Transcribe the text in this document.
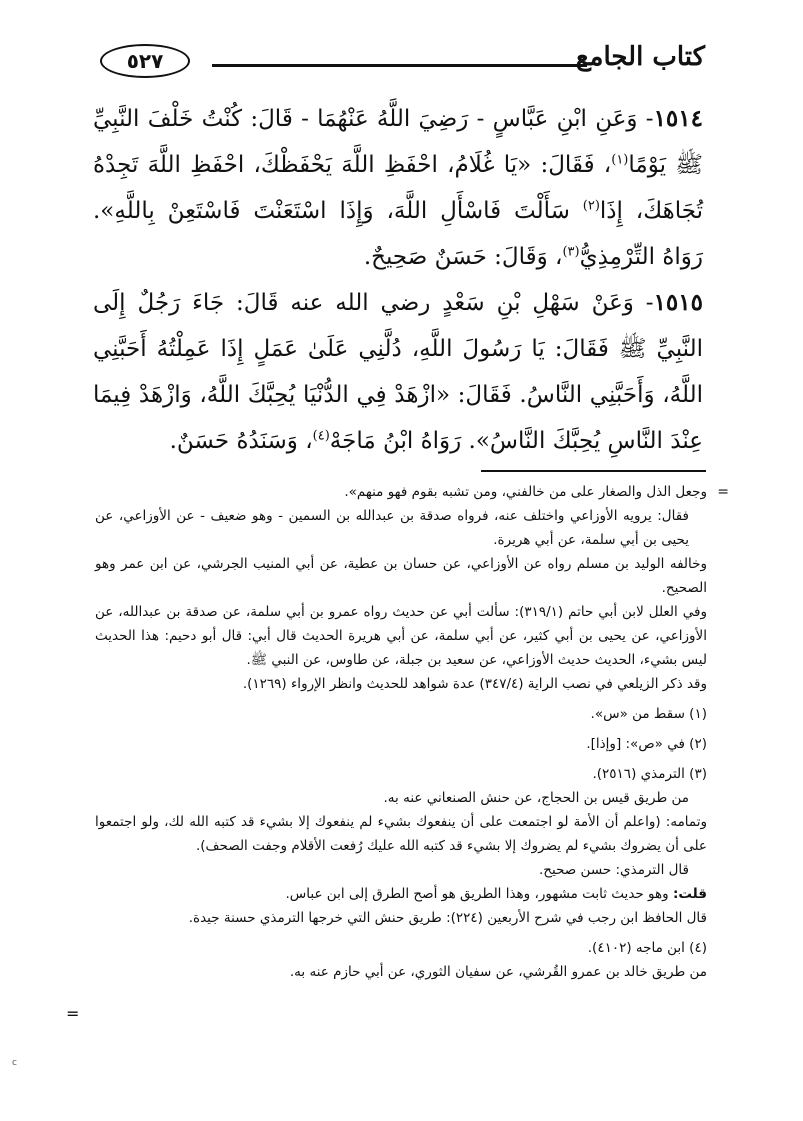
كتاب الجامع
٥٢٧

١٥١٤- وَعَنِ ابْنِ عَبَّاسٍ - رَضِيَ اللَّهُ عَنْهُمَا - قَالَ: كُنْتُ خَلْفَ النَّبِيِّ ﷺ يَوْمًا$^{(١)}$، فَقَالَ: «يَا غُلَامُ، احْفَظِ اللَّهَ يَحْفَظْكَ، احْفَظِ اللَّهَ تَجِدْهُ تُجَاهَكَ، إِذَا$^{(٢)}$ سَأَلْتَ فَاسْأَلِ اللَّهَ، وَإِذَا اسْتَعَنْتَ فَاسْتَعِنْ بِاللَّهِ». رَوَاهُ التِّرْمِذِيُّ$^{(٣)}$، وَقَالَ: حَسَنٌ صَحِيحٌ.

١٥١٥- وَعَنْ سَهْلِ بْنِ سَعْدٍ رضي الله عنه قَالَ: جَاءَ رَجُلٌ إِلَى النَّبِيِّ ﷺ فَقَالَ: يَا رَسُولَ اللَّهِ، دُلَّنِي عَلَىٰ عَمَلٍ إِذَا عَمِلْتُهُ أَحَبَّنِي اللَّهُ، وَأَحَبَّنِي النَّاسُ. فَقَالَ: «ازْهَدْ فِي الدُّنْيَا يُحِبَّكَ اللَّهُ، وَازْهَدْ فِيمَا عِنْدَ النَّاسِ يُحِبَّكَ النَّاسُ». رَوَاهُ ابْنُ مَاجَهْ$^{(٤)}$، وَسَنَدُهُ حَسَنٌ.

=

وجعل الذل والصغار على من خالفني، ومن تشبه بقوم فهو منهم».

فقال: يرويه الأوزاعي واختلف عنه، فرواه صدقة بن عبدالله بن السمين - وهو ضعيف - عن الأوزاعي، عن يحيى بن أبي سلمة، عن أبي هريرة.

وخالفه الوليد بن مسلم رواه عن الأوزاعي، عن حسان بن عطية، عن أبي المنيب الجرشي، عن ابن عمر وهو الصحيح.

وفي العلل لابن أبي حاتم (٣١٩/١): سألت أبي عن حديث رواه عمرو بن أبي سلمة، عن صدقة بن عبدالله، عن الأوزاعي، عن يحيى بن أبي كثير، عن أبي سلمة، عن أبي هريرة الحديث قال أبي: قال أبو دحيم: هذا الحديث ليس بشيء، الحديث حديث الأوزاعي، عن سعيد بن جبلة، عن طاوس، عن النبي ﷺ.

وقد ذكر الزيلعي في نصب الراية (٣٤٧/٤) عدة شواهد للحديث وانظر الإرواء (١٢٦٩).

(١) سقط من «س».

(٢) في «ص»: [وإذا].

(٣) الترمذي (٢٥١٦).

من طريق قيس بن الحجاج، عن حنش الصنعاني عنه به.

وتمامه: (واعلم أن الأمة لو اجتمعت على أن ينفعوك بشيء لم ينفعوك إلا بشيء قد كتبه الله لك، ولو اجتمعوا على أن يضروك بشيء لم يضروك إلا بشيء قد كتبه الله عليك رُفعت الأقلام وجفت الصحف).

قال الترمذي: حسن صحيح.

قلت: وهو حديث ثابت مشهور، وهذا الطريق هو أصح الطرق إلى ابن عباس.

قال الحافظ ابن رجب في شرح الأربعين (٢٢٤): طريق حنش التي خرجها الترمذي حسنة جيدة.

(٤) ابن ماجه (٤١٠٢).

من طريق خالد بن عمرو القُرشي، عن سفيان الثوري، عن أبي حازم عنه به.

=
c
